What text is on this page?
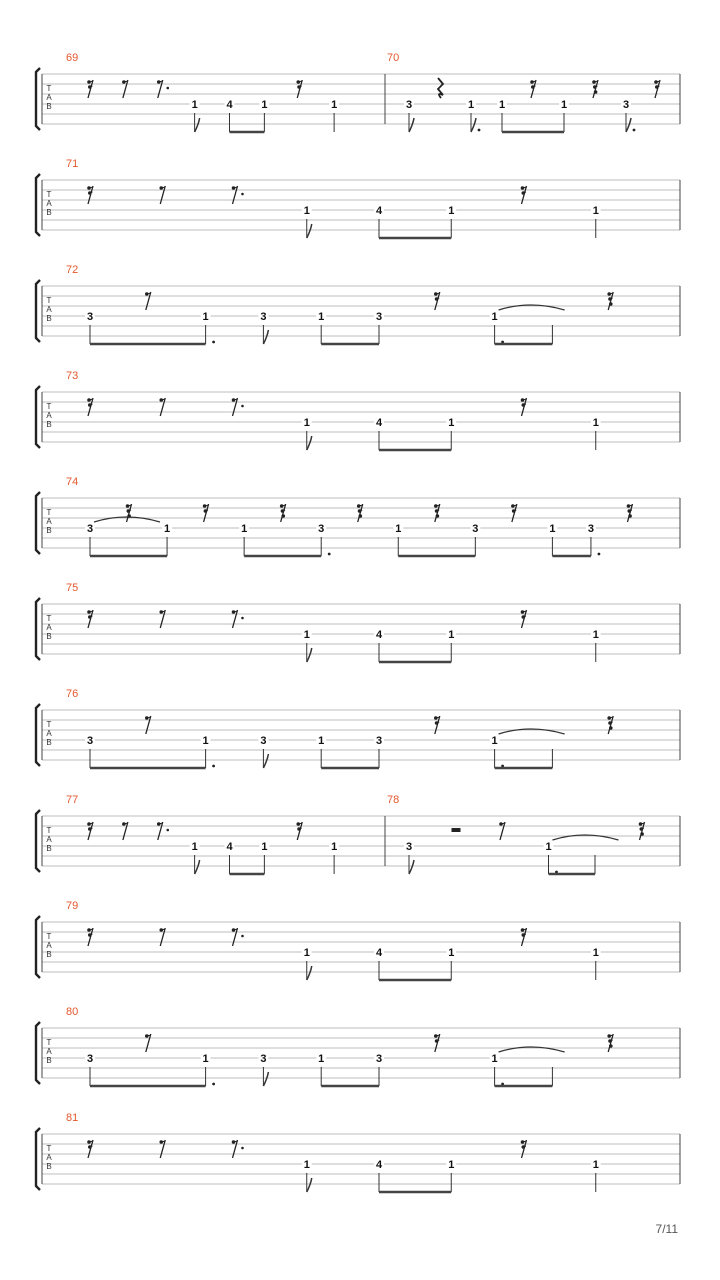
1	4	1	1	3	1 1	1	3
T
A
B
69	70
1	4	1	1
T
A
B
71
3	1	3	1	3	1
T
A
B
72
1	4	1	1
T
A
B
73
3	1	1	3	1	3	1	3
T
A
B
74
1	4	1	1
T
A
B
75
3	1	3	1	3	1
T
A
B
76
1	4	1	1	3	1
T
A
B
77	78
1	4	1	1
T
A
B
79
3	1	3	1	3	1
T
A
B
80
1	4	1	1
T
A
B
81
7/11
